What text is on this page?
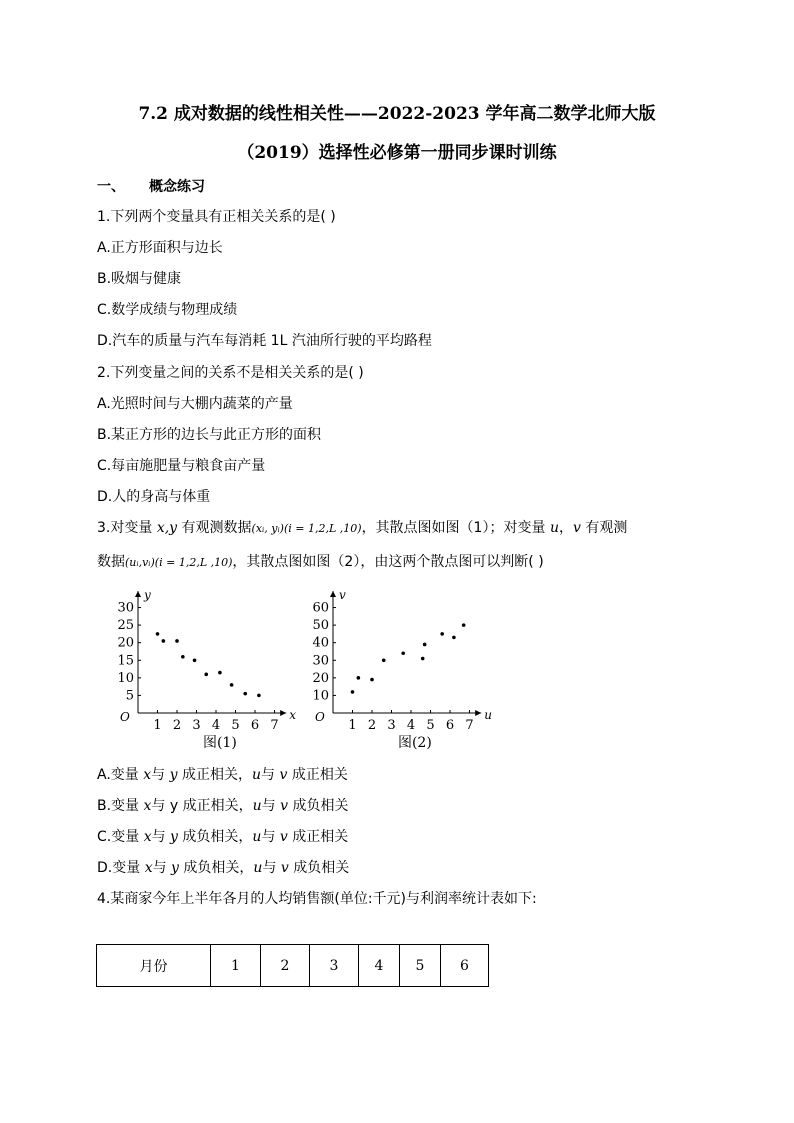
7.2 成对数据的线性相关性——2022-2023 学年高二数学北师大版
（2019）选择性必修第一册同步课时训练
一、 概念练习
1.下列两个变量具有正相关关系的是( )
A.正方形面积与边长
B.吸烟与健康
C.数学成绩与物理成绩
D.汽车的质量与汽车每消耗 1L 汽油所行驶的平均路程
2.下列变量之间的关系不是相关关系的是( )
A.光照时间与大棚内蔬菜的产量
B.某正方形的边长与此正方形的面积
C.每亩施肥量与粮食亩产量
D.人的身高与体重
3.对变量 x,y 有观测数据(xᵢ, yᵢ)(i = 1,2,L ,10)，其散点图如图（1）；对变量 u，v 有观测
数据(uᵢ,vᵢ)(i = 1,2,L ,10)，其散点图如图（2），由这两个散点图可以判断( )
y
x
O
1 2 3 4 5 6 7
5
10
15
20
25
30
图(1)
v
u
O
1 2 3 4 5 6 7
10
20
30
40
50
60
图(2)
A.变量 x与 y 成正相关，u与 v 成正相关
B.变量 x与 y 成正相关，u与 v 成负相关
C.变量 x与 y 成负相关，u与 v 成正相关
D.变量 x与 y 成负相关，u与 v 成负相关
4.某商家今年上半年各月的人均销售额(单位:千元)与利润率统计表如下:
月份	1	2	3	4	5	6
